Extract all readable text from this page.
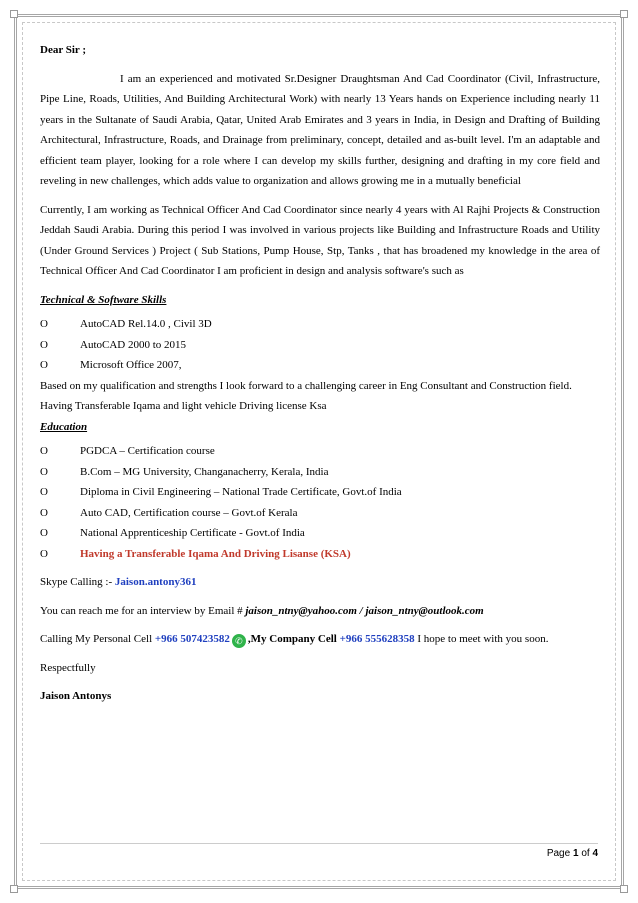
Dear Sir ;

I am an experienced and motivated Sr.Designer Draughtsman And Cad Coordinator (Civil, Infrastructure, Pipe Line, Roads, Utilities, And Building Architectural Work) with nearly 13 Years hands on Experience including nearly 11 years in the Sultanate of Saudi Arabia, Qatar, United Arab Emirates and 3 years in India, in Design and Drafting of Building Architectural, Infrastructure, Roads, and Drainage from preliminary, concept, detailed and as-built level. I'm an adaptable and efficient team player, looking for a role where I can develop my skills further, designing and drafting in my core field and reveling in new challenges, which adds value to organization and allows growing me in a mutually beneficial

Currently, I am working as Technical Officer And Cad Coordinator since nearly 4 years with Al Rajhi Projects & Construction Jeddah Saudi Arabia. During this period I was involved in various projects like Building and Infrastructure Roads and Utility (Under Ground Services ) Project ( Sub Stations, Pump House, Stp, Tanks , that has broadened my knowledge in the area of Technical Officer And Cad Coordinator I am proficient in design and analysis software's such as

Technical & Software Skills

O	AutoCAD Rel.14.0 , Civil 3D
O	AutoCAD 2000 to 2015
O	Microsoft Office 2007,

Based on my qualification and strengths I look forward to a challenging career in Eng Consultant and Construction field. Having Transferable Iqama and light vehicle Driving license Ksa

Education

O	PGDCA – Certification course
O	B.Com – MG University, Changanacherry, Kerala, India
O	Diploma in Civil Engineering – National Trade Certificate, Govt.of India
O	Auto CAD, Certification course – Govt.of Kerala
O	National Apprenticeship Certificate - Govt.of India
O	Having a Transferable Iqama And Driving Lisanse (KSA)

Skype Calling :- Jaison.antony361

You can reach me for an interview by Email # jaison_ntny@yahoo.com / jaison_ntny@outlook.com

Calling My Personal Cell +966 507423582 ✆ ,My Company Cell +966 555628358 I hope to meet with you soon.

Respectfully

Jaison Antonys

Page 1 of 4
